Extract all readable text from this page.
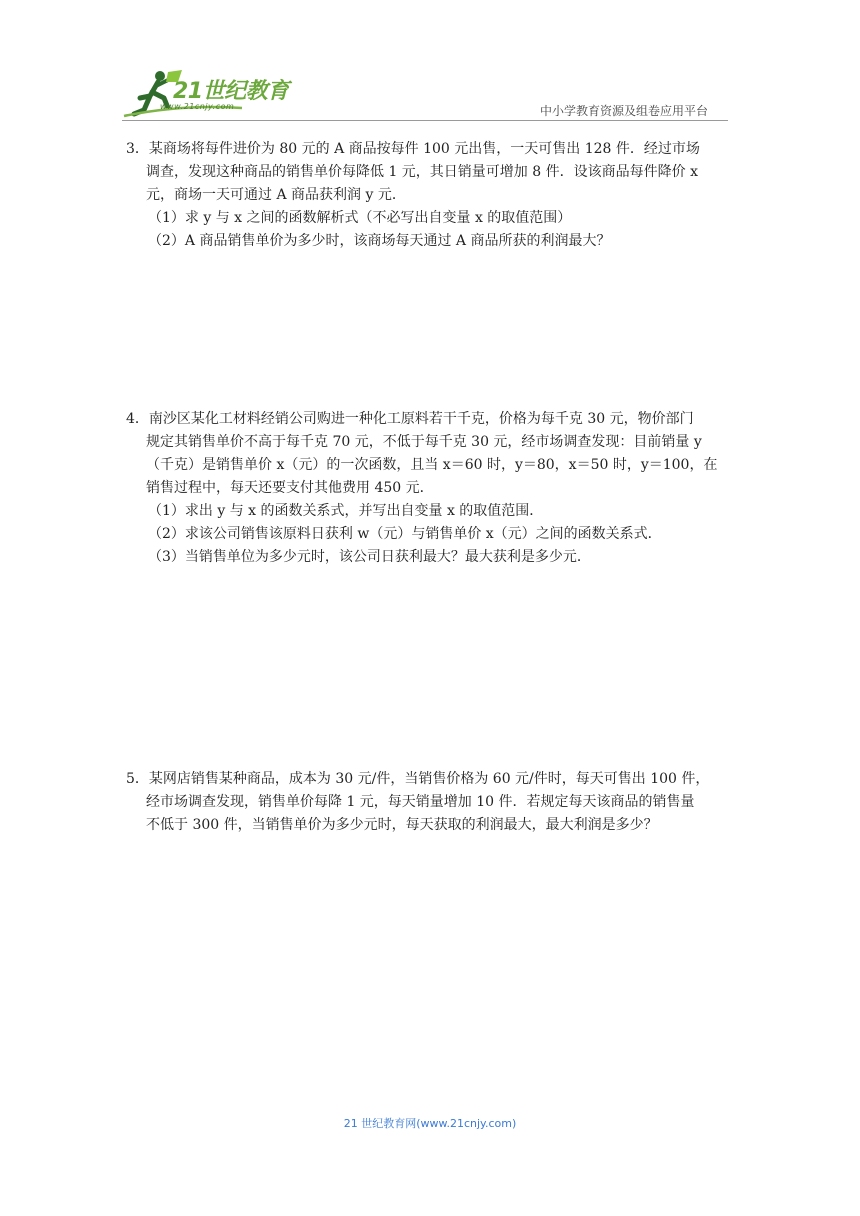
21世纪教育
www.21cnjy.com	中小学教育资源及组卷应用平台

3．某商场将每件进价为 80 元的 A 商品按每件 100 元出售，一天可售出 128 件．经过市场

调查，发现这种商品的销售单价每降低 1 元，其日销量可增加 8 件．设该商品每件降价 x

元，商场一天可通过 A 商品获利润 y 元．

（1）求 y 与 x 之间的函数解析式（不必写出自变量 x 的取值范围）

（2）A 商品销售单价为多少时，该商场每天通过 A 商品所获的利润最大？

4．南沙区某化工材料经销公司购进一种化工原料若干千克，价格为每千克 30 元，物价部门

规定其销售单价不高于每千克 70 元，不低于每千克 30 元，经市场调查发现：目前销量 y

（千克）是销售单价 x（元）的一次函数，且当 x＝60 时，y＝80，x＝50 时，y＝100，在

销售过程中，每天还要支付其他费用 450 元．

（1）求出 y 与 x 的函数关系式，并写出自变量 x 的取值范围．

（2）求该公司销售该原料日获利 w（元）与销售单价 x（元）之间的函数关系式．

（3）当销售单位为多少元时，该公司日获利最大？最大获利是多少元．

5．某网店销售某种商品，成本为 30 元/件，当销售价格为 60 元/件时，每天可售出 100 件，

经市场调查发现，销售单价每降 1 元，每天销量增加 10 件．若规定每天该商品的销售量

不低于 300 件，当销售单价为多少元时，每天获取的利润最大，最大利润是多少？

21 世纪教育网(www.21cnjy.com)
